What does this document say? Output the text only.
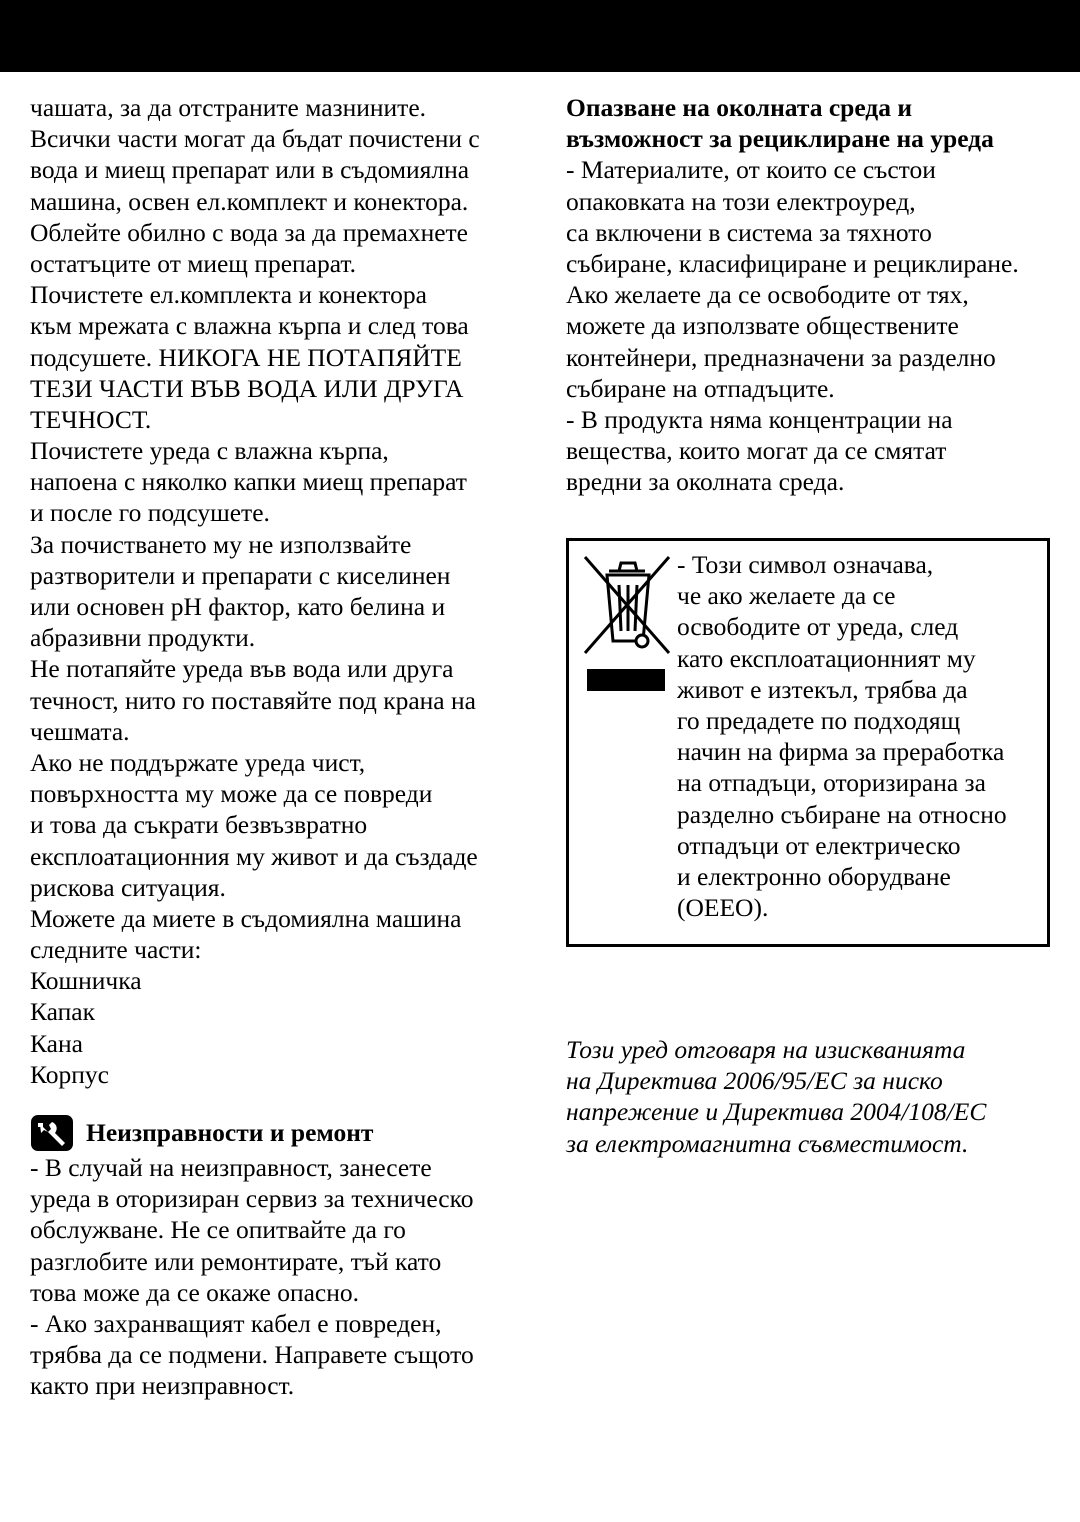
чашата, за да отстраните мазнините.
Всички части могат да бъдат почистени с
вода и миещ препарат или в съдомиялна
машина, освен ел.комплект и конектора.
Облейте обилно с вода за да премахнете
остатъците от миещ препарат.
Почистете ел.комплекта и конектора
към мрежата с влажна кърпа и след това
подсушете. НИКОГА НЕ ПОТАПЯЙТЕ
ТЕЗИ ЧАСТИ ВЪВ ВОДА ИЛИ ДРУГА
ТЕЧНОСТ.
Почистете уреда с влажна кърпа,
напоена с няколко капки миещ препарат
и после го подсушете.
За почистването му не използвайте
разтворители и препарати с киселинен
или основен pH фактор, като белина и
абразивни продукти.
Не потапяйте уреда във вода или друга
течност, нито го поставяйте под крана на
чешмата.
Ако не поддържате уреда чист,
повърхността му може да се повреди
и това да съкрати безвъзвратно
експлоатационния му живот и да създаде
рискова ситуация.
Можете да миете в съдомиялна машина
следните части:
Кошничка
Капак
Кана
Корпус
Неизправности и ремонт
- В случай на неизправност, занесете
уреда в оторизиран сервиз за техническо
обслужване. Не се опитвайте да го
разглобите или ремонтирате, тъй като
това може да се окаже опасно.
- Ако захранващият кабел е повреден,
трябва да се подмени. Направете същото
както при неизправност.
Опазване на околната среда и
възможност за рециклиране на уреда
- Материалите, от които се състои
опаковката на този електроуред,
са включени в система за тяхното
събиране, класифициране и рециклиране.
Ако желаете да се освободите от тях,
можете да използвате обществените
контейнери, предназначени за разделно
събиране на отпадъците.
- В продукта няма концентрации на
вещества, които могат да се смятат
вредни за околната среда.
- Този символ означава,
че ако желаете да се
освободите от уреда, след
като експлоатационният му
живот е изтекъл, трябва да
го предадете по подходящ
начин на фирма за преработка
на отпадъци, оторизирана за
разделно събиране на относно
отпадъци от електрическо
и електронно оборудване
(ОЕЕО).
Този уред отговаря на изискванията
на Директива 2006/95/ЕС за ниско
напрежение и Директива 2004/108/ЕС
за електромагнитна съвместимост.
